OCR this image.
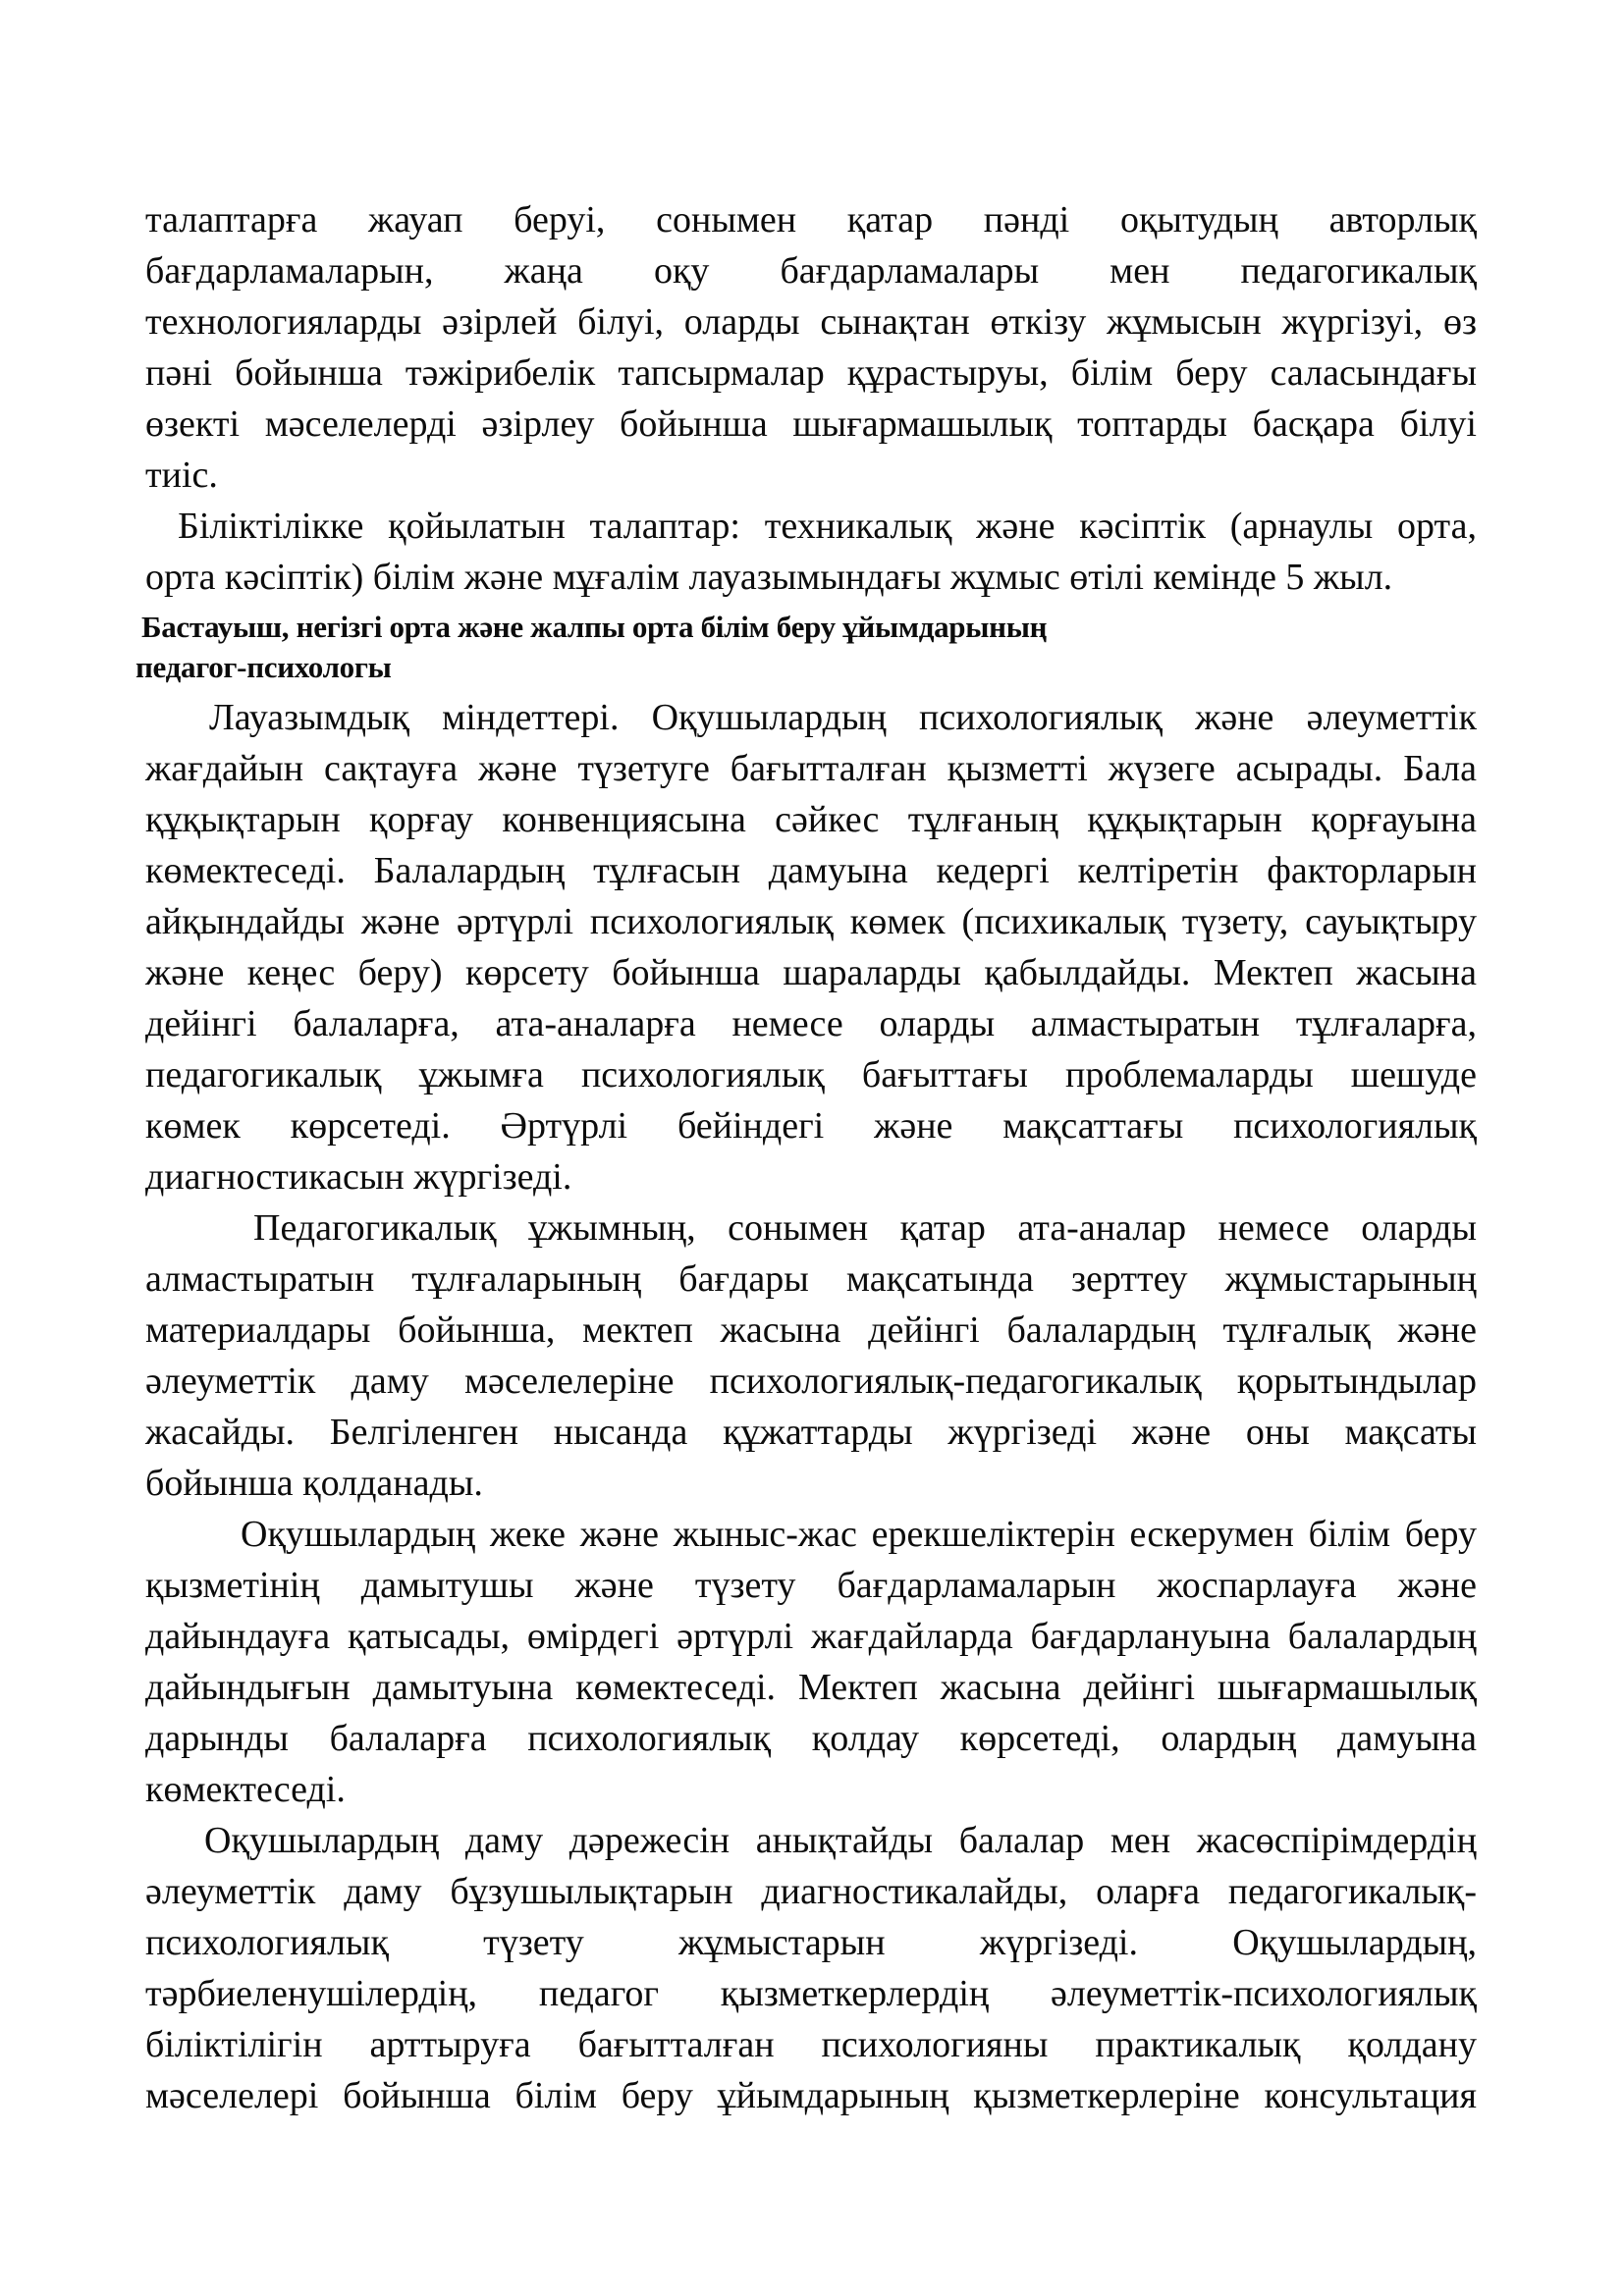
талаптарға жауап беруі, сонымен қатар пәнді оқытудың авторлық
бағдарламаларын, жаңа оқу бағдарламалары мен педагогикалық
технологияларды әзірлей білуі, оларды сынақтан өткізу жұмысын жүргізуі, өз
пәні бойынша тәжірибелік тапсырмалар құрастыруы, білім беру саласындағы
өзекті мәселелерді әзірлеу бойынша шығармашылық топтарды басқара білуі
тиіс.
Біліктілікке қойылатын талаптар: техникалық және кәсіптік (арнаулы орта,
орта кәсіптік) білім және мұғалім лауазымындағы жұмыс өтілі кемінде 5 жыл.
Бастауыш, негізгі орта және жалпы орта білім беру ұйымдарының
педагог-психологы
Лауазымдық міндеттері. Оқушылардың психологиялық және әлеуметтік
жағдайын сақтауға және түзетуге бағытталған қызметті жүзеге асырады. Бала
құқықтарын қорғау конвенциясына сәйкес тұлғаның құқықтарын қорғауына
көмектеседі. Балалардың тұлғасын дамуына кедергі келтіретін факторларын
айқындайды және әртүрлі психологиялық көмек (психикалық түзету, сауықтыру
және кеңес беру) көрсету бойынша шараларды қабылдайды. Мектеп жасына
дейінгі балаларға, ата-аналарға немесе оларды алмастыратын тұлғаларға,
педагогикалық ұжымға психологиялық бағыттағы проблемаларды шешуде
көмек көрсетеді. Әртүрлі бейіндегі және мақсаттағы психологиялық
диагностикасын жүргізеді.
Педагогикалық ұжымның, сонымен қатар ата-аналар немесе оларды
алмастыратын тұлғаларының бағдары мақсатында зерттеу жұмыстарының
материалдары бойынша, мектеп жасына дейінгі балалардың тұлғалық және
әлеуметтік даму мәселелеріне психологиялық-педагогикалық қорытындылар
жасайды. Белгіленген нысанда құжаттарды жүргізеді және оны мақсаты
бойынша қолданады.
Оқушылардың жеке және жыныс-жас ерекшеліктерін ескерумен білім беру
қызметінің дамытушы және түзету бағдарламаларын жоспарлауға және
дайындауға қатысады, өмірдегі әртүрлі жағдайларда бағдарлануына балалардың
дайындығын дамытуына көмектеседі. Мектеп жасына дейінгі шығармашылық
дарынды балаларға психологиялық қолдау көрсетеді, олардың дамуына
көмектеседі.
Оқушылардың даму дәрежесін анықтайды балалар мен жасөспірімдердің
әлеуметтік даму бұзушылықтарын диагностикалайды, оларға педагогикалық-
психологиялық түзету жұмыстарын жүргізеді. Оқушылардың,
тәрбиеленушілердің, педагог қызметкерлердің әлеуметтік-психологиялық
біліктілігін арттыруға бағытталған психологияны практикалық қолдану
мәселелері бойынша білім беру ұйымдарының қызметкерлеріне консультация
